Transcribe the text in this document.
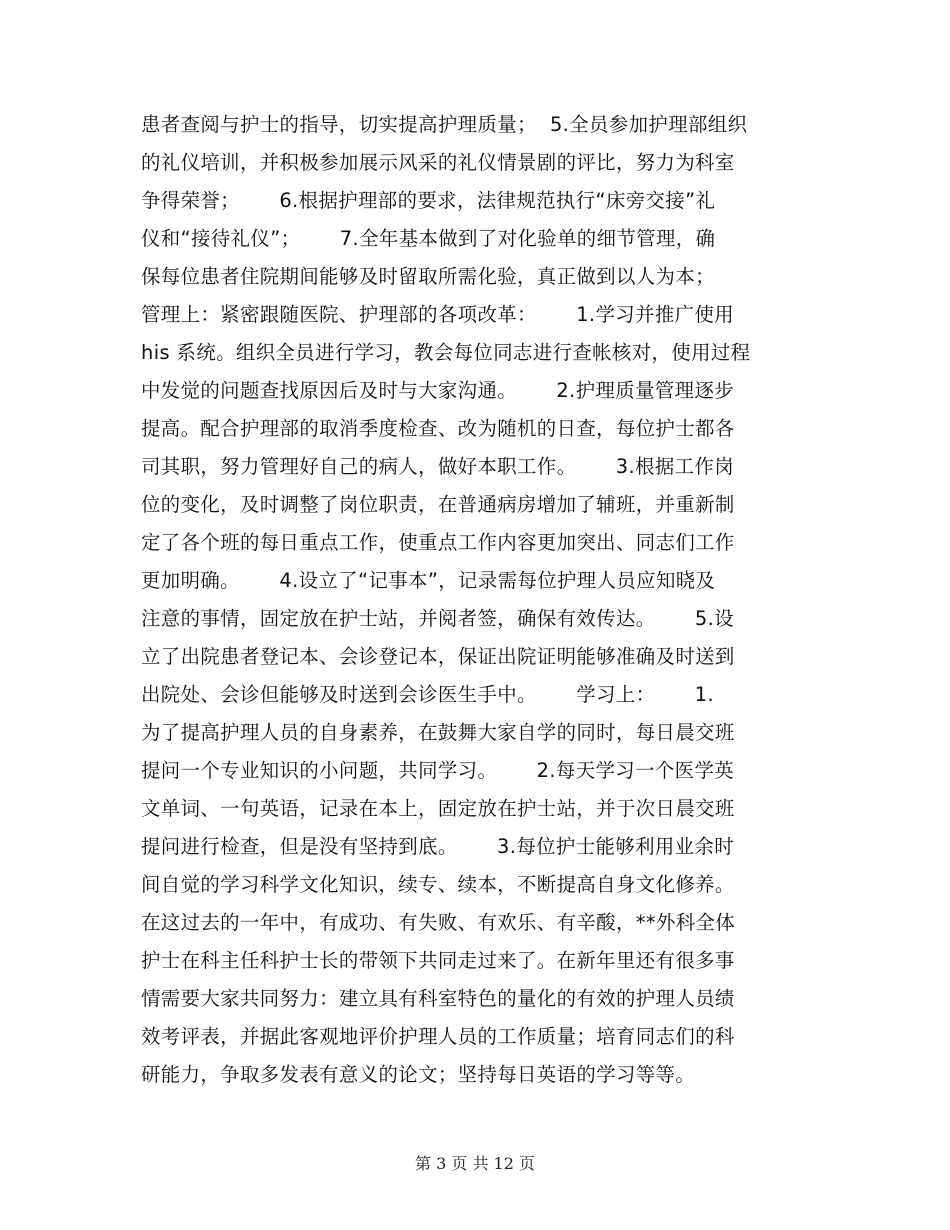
患者查阅与护士的指导，切实提高护理质量；  5.全员参加护理部组织
的礼仪培训，并积极参加展示风采的礼仪情景剧的评比，努力为科室
争得荣誉；      6.根据护理部的要求，法律规范执行“床旁交接”礼
仪和“接待礼仪”；      7.全年基本做到了对化验单的细节管理，确
保每位患者住院期间能够及时留取所需化验，真正做到以人为本；
管理上：紧密跟随医院、护理部的各项改革：      1.学习并推广使用
his 系统。组织全员进行学习，教会每位同志进行查帐核对，使用过程
中发觉的问题查找原因后及时与大家沟通。      2.护理质量管理逐步
提高。配合护理部的取消季度检查、改为随机的日查，每位护士都各
司其职，努力管理好自己的病人，做好本职工作。      3.根据工作岗
位的变化，及时调整了岗位职责，在普通病房增加了辅班，并重新制
定了各个班的每日重点工作，使重点工作内容更加突出、同志们工作
更加明确。      4.设立了“记事本”，记录需每位护理人员应知晓及
注意的事情，固定放在护士站，并阅者签，确保有效传达。      5.设
立了出院患者登记本、会诊登记本，保证出院证明能够准确及时送到
出院处、会诊但能够及时送到会诊医生手中。      学习上：      1.
为了提高护理人员的自身素养，在鼓舞大家自学的同时，每日晨交班
提问一个专业知识的小问题，共同学习。      2.每天学习一个医学英
文单词、一句英语，记录在本上，固定放在护士站，并于次日晨交班
提问进行检查，但是没有坚持到底。      3.每位护士能够利用业余时
间自觉的学习科学文化知识，续专、续本，不断提高自身文化修养。
在这过去的一年中，有成功、有失败、有欢乐、有辛酸，**外科全体
护士在科主任科护士长的带领下共同走过来了。在新年里还有很多事
情需要大家共同努力：建立具有科室特色的量化的有效的护理人员绩
效考评表，并据此客观地评价护理人员的工作质量；培育同志们的科
研能力，争取多发表有意义的论文；坚持每日英语的学习等等。
第 3 页 共 12 页
